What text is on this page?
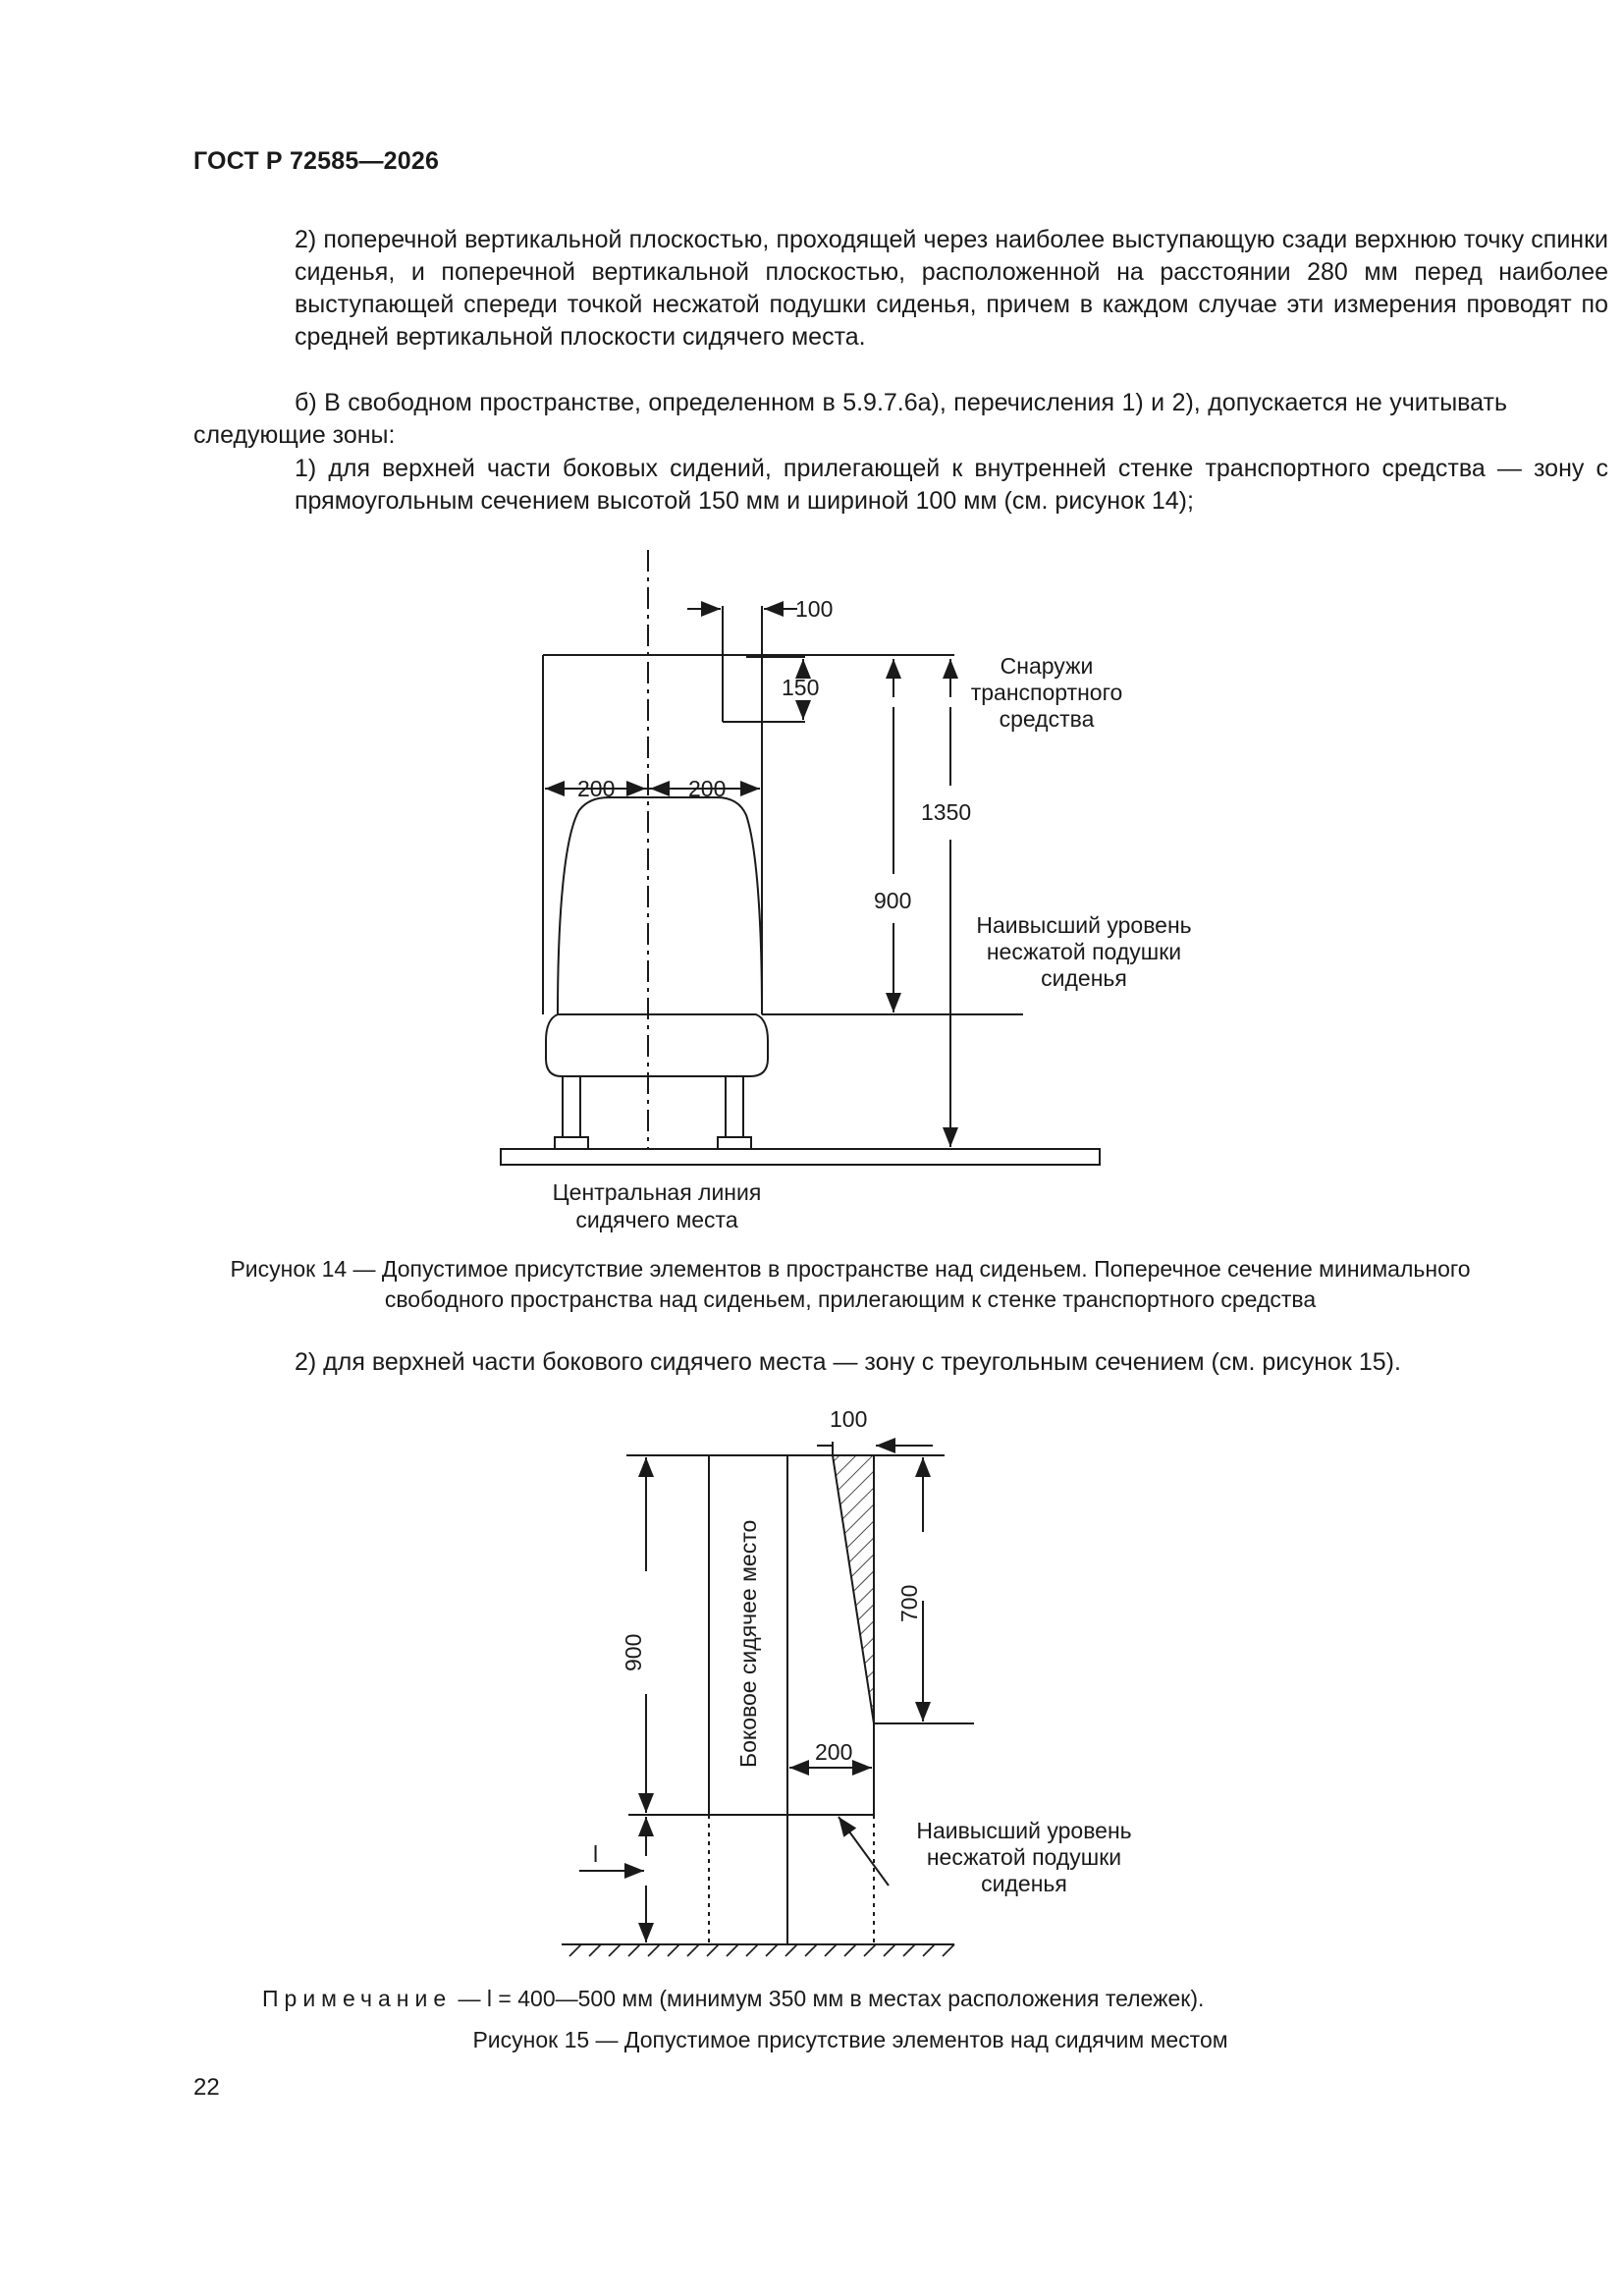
ГОСТ Р 72585—2026
2) поперечной вертикальной плоскостью, проходящей через наиболее выступающую сзади верхнюю точку спинки сиденья, и поперечной вертикальной плоскостью, расположенной на расстоянии 280 мм перед наиболее выступающей спереди точкой несжатой подушки сиденья, причем в каждом случае эти измерения проводят по средней вертикальной плоскости сидячего места.
б) В свободном пространстве, определенном в 5.9.7.6а), перечисления 1) и 2), допускается не учитывать следующие зоны:
1) для верхней части боковых сидений, прилегающей к внутренней стенке транспортного средства — зону с прямоугольным сечением высотой 150 мм и шириной 100 мм (см. рисунок 14);
100
150
200	200
900
1350
Снаружи
транспортного
средства
Наивысший уровень
несжатой подушки
сиденья
Центральная линия
сидячего места
Рисунок 14 — Допустимое присутствие элементов в пространстве над сиденьем. Поперечное сечение минимального свободного пространства над сиденьем, прилегающим к стенке транспортного средства
2) для верхней части бокового сидячего места — зону с треугольным сечением (см. рисунок 15).
100
700
900
200
l
Боковое сидячее место
Наивысший уровень
несжатой подушки
сиденья
Примечание — l = 400—500 мм (минимум 350 мм в местах расположения тележек).
Рисунок 15 — Допустимое присутствие элементов над сидячим местом
22
